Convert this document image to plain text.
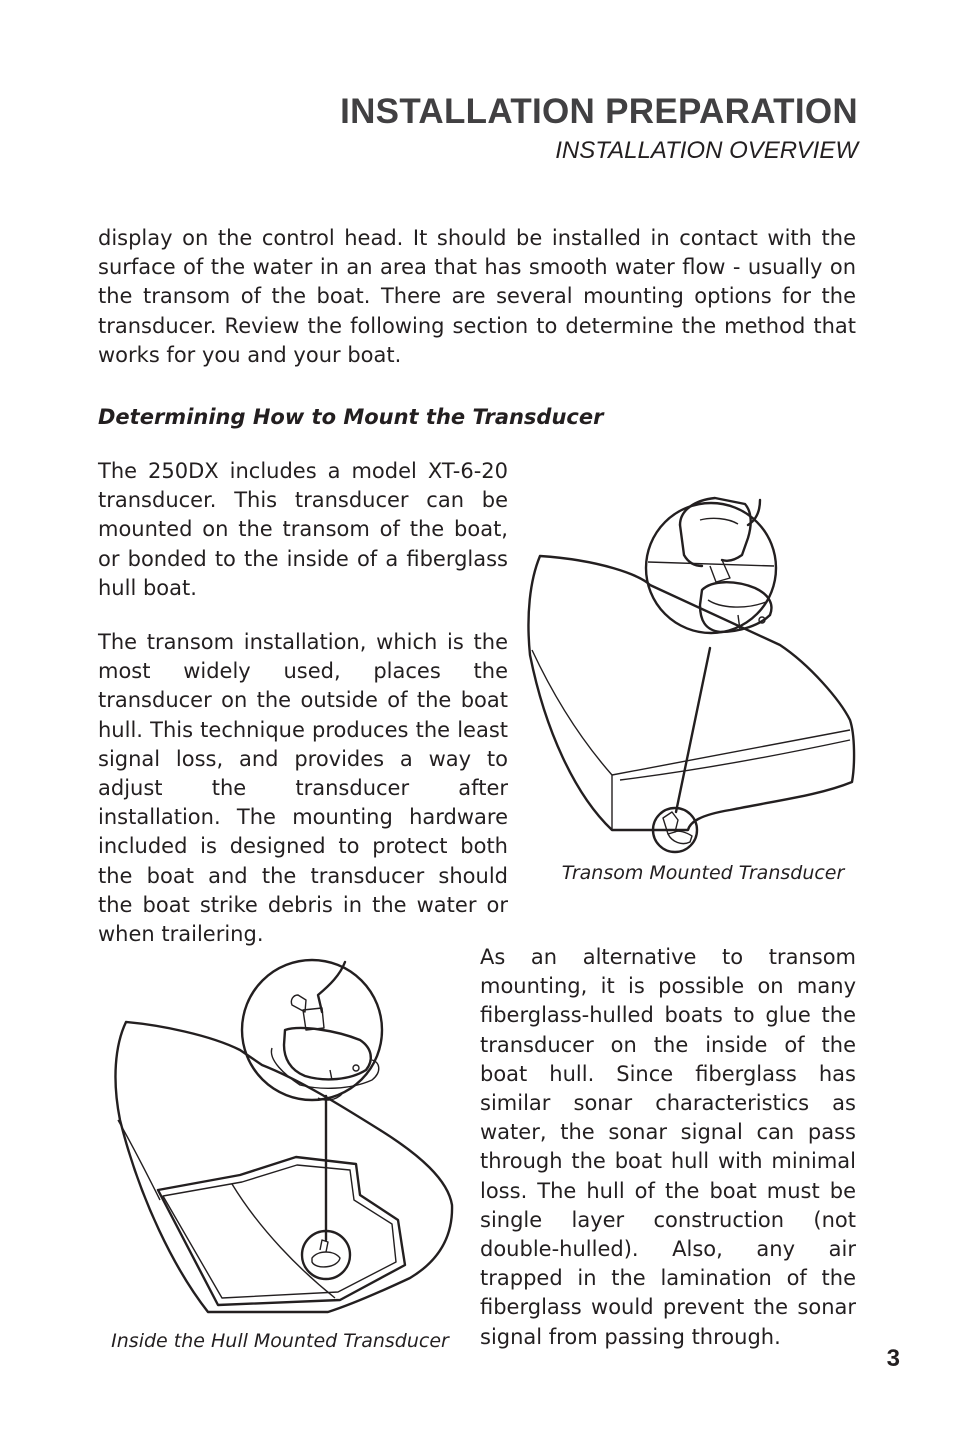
INSTALLATION PREPARATION
INSTALLATION OVERVIEW

display on the control head. It should be installed in contact with the surface of the water in an area that has smooth water flow - usually on the transom of the boat. There are several mounting options for the transducer. Review the following section to determine the method that works for you and your boat.

Determining How to Mount the Transducer

The 250DX includes a model XT-6-20 transducer. This transducer can be mounted on the transom of the boat, or bonded to the inside of a fiberglass hull boat.

The transom installation, which is the most widely used, places the transducer on the outside of the boat hull. This technique produces the least signal loss, and provides a way to adjust the transducer after installation. The mounting hardware included is designed to protect both the boat and the transducer should the boat strike debris in the water or when trailering.

Transom Mounted Transducer
Inside the Hull Mounted Transducer

As an alternative to transom mounting, it is possible on many fiberglass-hulled boats to glue the transducer on the inside of the boat hull. Since fiberglass has similar sonar characteristics as water, the sonar signal can pass through the boat hull with minimal loss. The hull of the boat must be single layer construction (not double-hulled). Also, any air trapped in the lamination of the fiberglass would prevent the sonar signal from passing through.

3
